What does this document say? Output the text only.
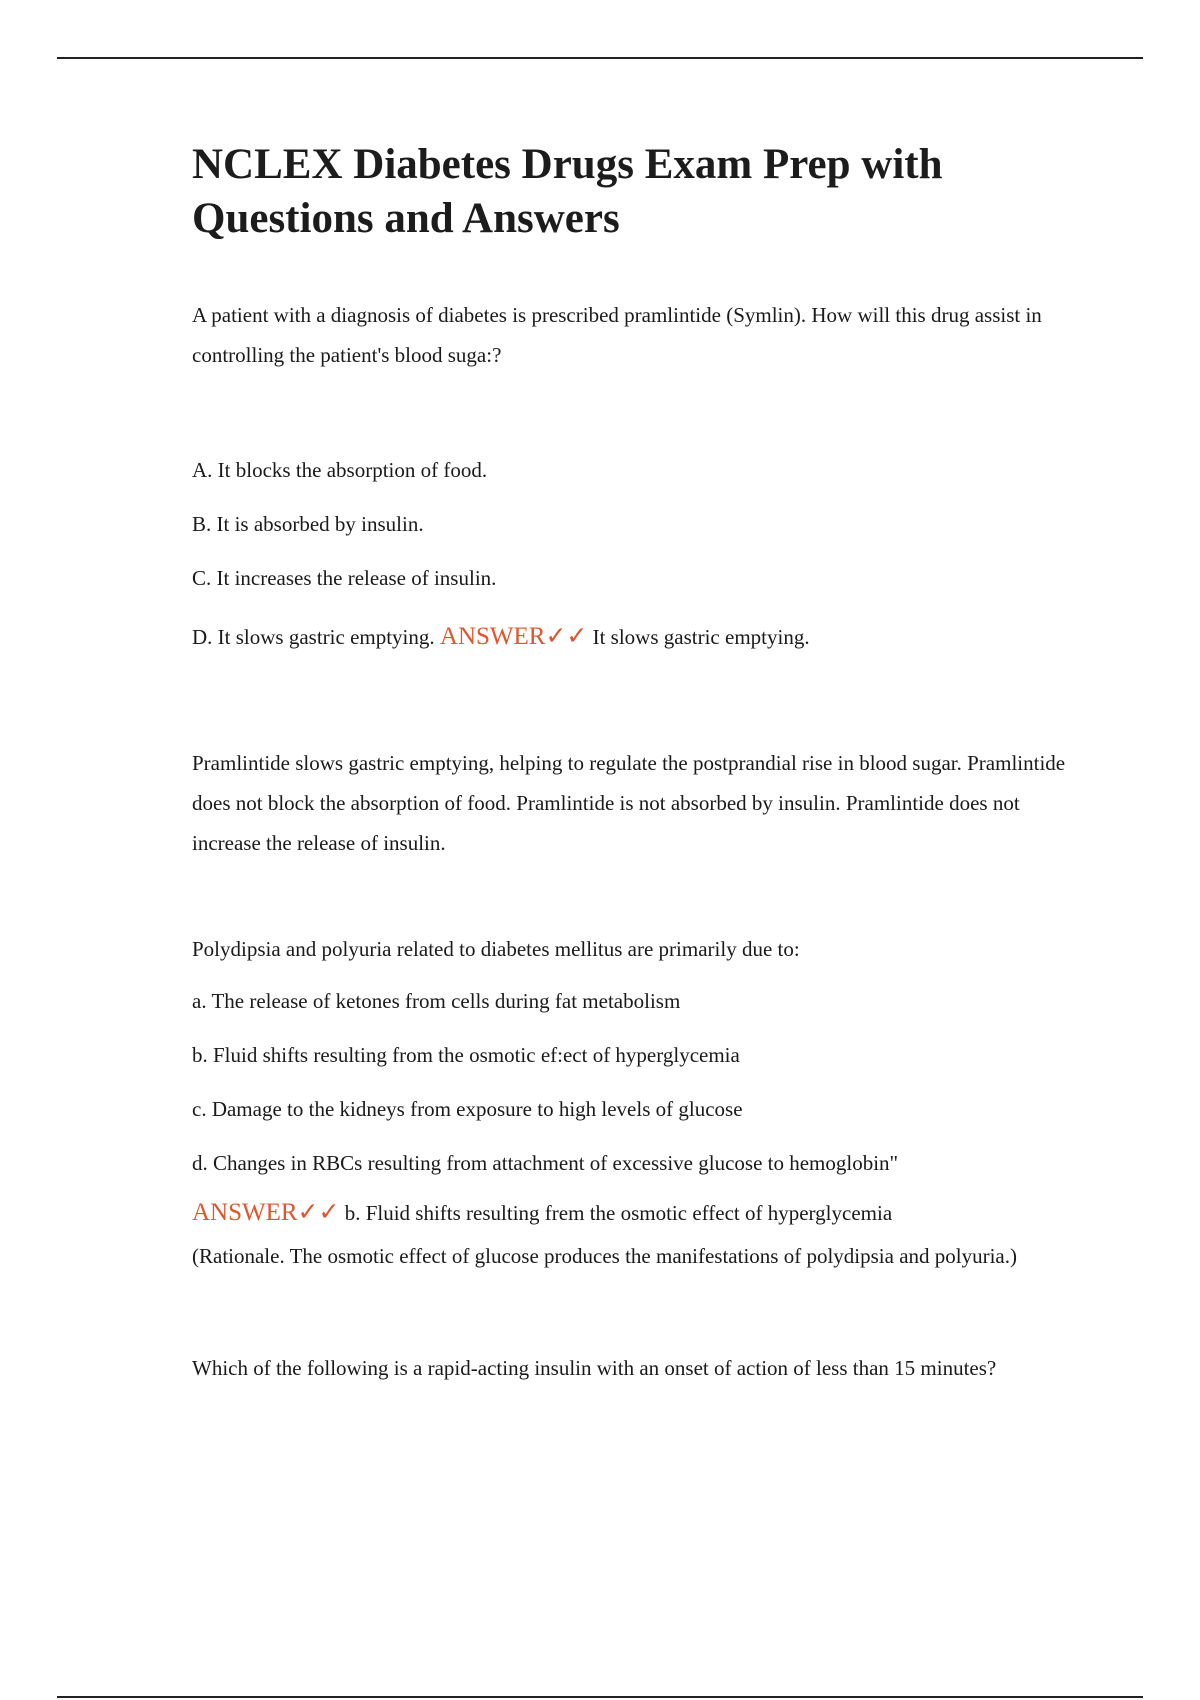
NCLEX Diabetes Drugs Exam Prep with Questions and Answers

A patient with a diagnosis of diabetes is prescribed pramlintide (Symlin). How will this drug assist in controlling the patient's blood suga:?

A. It blocks the absorption of food.

B. It is absorbed by insulin.

C. It increases the release of insulin.

D. It slows gastric emptying. ANSWER✓✓ It slows gastric emptying.

Pramlintide slows gastric emptying, helping to regulate the postprandial rise in blood sugar. Pramlintide does not block the absorption of food. Pramlintide is not absorbed by insulin. Pramlintide does not increase the release of insulin.

Polydipsia and polyuria related to diabetes mellitus are primarily due to:

a. The release of ketones from cells during fat metabolism

b. Fluid shifts resulting from the osmotic ef:ect of hyperglycemia

c. Damage to the kidneys from exposure to high levels of glucose

d. Changes in RBCs resulting from attachment of excessive glucose to hemoglobin"

ANSWER✓✓ b. Fluid shifts resulting frem the osmotic effect of hyperglycemia

(Rationale. The osmotic effect of glucose produces the manifestations of polydipsia and polyuria.)

Which of the following is a rapid-acting insulin with an onset of action of less than 15 minutes?
